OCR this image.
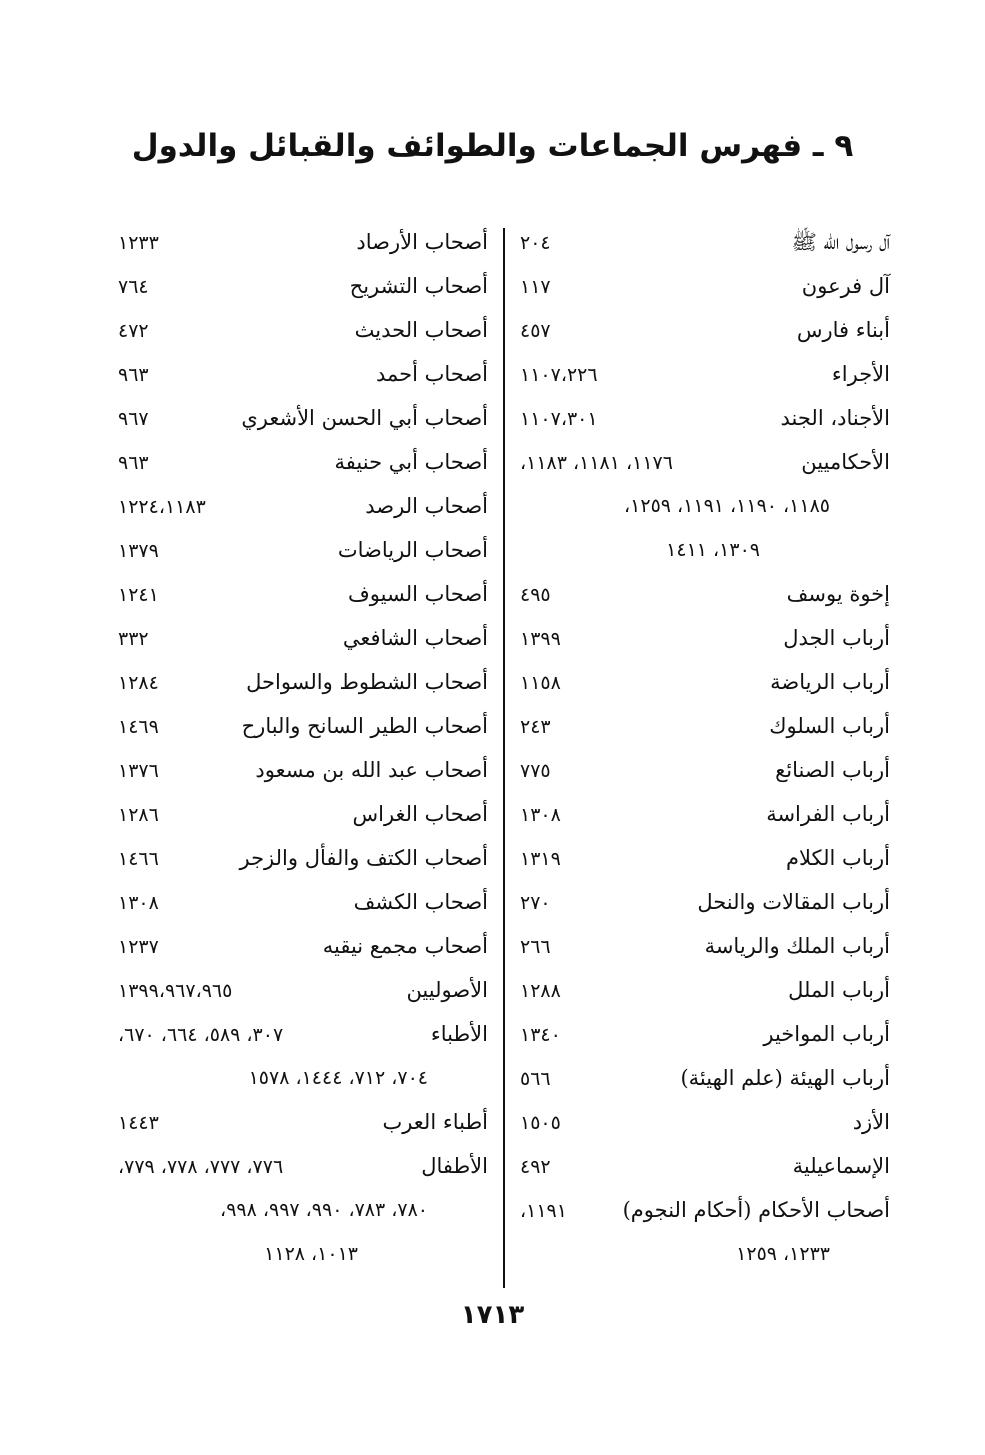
٩ ـ فهرس الجماعات والطوائف والقبائل والدول
آل رسول الله ﷺ
٢٠٤
آل فرعون
١١٧
أبناء فارس
٤٥٧
الأجراء
١١٠٧،٢٢٦
الأجناد، الجند
١١٠٧،٣٠١
الأحكاميين
١١٧٦، ١١٨١، ١١٨٣،
١١٨٥، ١١٩٠، ١١٩١، ١٢٥٩،
١٣٠٩، ١٤١١
إخوة يوسف
٤٩٥
أرباب الجدل
١٣٩٩
أرباب الرياضة
١١٥٨
أرباب السلوك
٢٤٣
أرباب الصنائع
٧٧٥
أرباب الفراسة
١٣٠٨
أرباب الكلام
١٣١٩
أرباب المقالات والنحل
٢٧٠
أرباب الملك والرياسة
٢٦٦
أرباب الملل
١٢٨٨
أرباب المواخير
١٣٤٠
أرباب الهيئة (علم الهيئة)
٥٦٦
الأزد
١٥٠٥
الإسماعيلية
٤٩٢
أصحاب الأحكام (أحكام النجوم)
١١٩١،
١٢٣٣، ١٢٥٩
أصحاب الأرصاد
١٢٣٣
أصحاب التشريح
٧٦٤
أصحاب الحديث
٤٧٢
أصحاب أحمد
٩٦٣
أصحاب أبي الحسن الأشعري
٩٦٧
أصحاب أبي حنيفة
٩٦٣
أصحاب الرصد
١٢٢٤،١١٨٣
أصحاب الرياضات
١٣٧٩
أصحاب السيوف
١٢٤١
أصحاب الشافعي
٣٣٢
أصحاب الشطوط والسواحل
١٢٨٤
أصحاب الطير السانح والبارح
١٤٦٩
أصحاب عبد الله بن مسعود
١٣٧٦
أصحاب الغراس
١٢٨٦
أصحاب الكتف والفأل والزجر
١٤٦٦
أصحاب الكشف
١٣٠٨
أصحاب مجمع نيقيه
١٢٣٧
الأصوليين
١٣٩٩،٩٦٧،٩٦٥
الأطباء
٣٠٧، ٥٨٩، ٦٦٤، ٦٧٠،
٧٠٤، ٧١٢، ١٤٤٤، ١٥٧٨
أطباء العرب
١٤٤٣
الأطفال
٧٧٦، ٧٧٧، ٧٧٨، ٧٧٩،
٧٨٠، ٧٨٣، ٩٩٠، ٩٩٧، ٩٩٨،
١٠١٣، ١١٢٨
١٧١٣
